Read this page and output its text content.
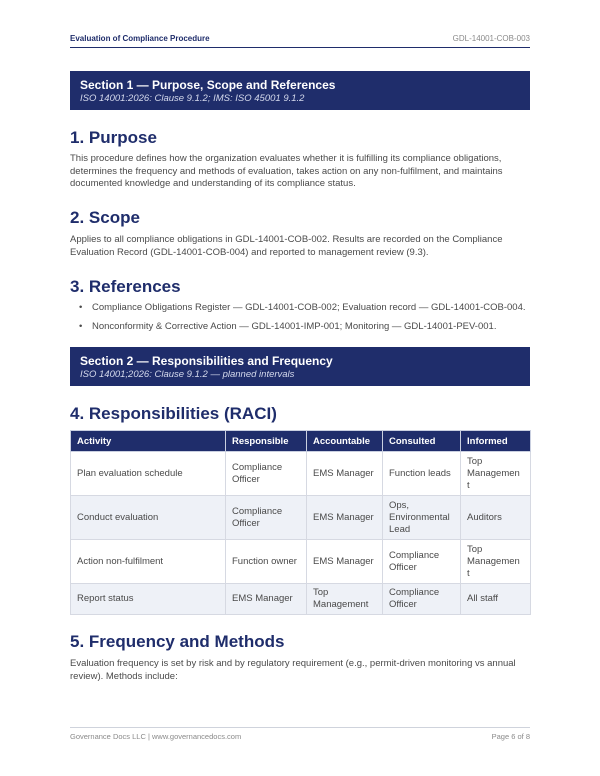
Evaluation of Compliance Procedure	GDL-14001-COB-003
Section 1 — Purpose, Scope and References
ISO 14001:2026: Clause 9.1.2; IMS: ISO 45001 9.1.2
1. Purpose

This procedure defines how the organization evaluates whether it is fulfilling its compliance obligations, determines the frequency and methods of evaluation, takes action on any non-fulfilment, and maintains documented knowledge and understanding of its compliance status.

2. Scope

Applies to all compliance obligations in GDL-14001-COB-002. Results are recorded on the Compliance Evaluation Record (GDL-14001-COB-004) and reported to management review (9.3).

3. References
• Compliance Obligations Register — GDL-14001-COB-002; Evaluation record — GDL-14001-COB-004.
• Nonconformity & Corrective Action — GDL-14001-IMP-001; Monitoring — GDL-14001-PEV-001.
Section 2 — Responsibilities and Frequency
ISO 14001;2026: Clause 9.1.2 — planned intervals
4. Responsibilities (RACI)
Activity	Responsible	Accountable	Consulted	Informed
Plan evaluation schedule	Compliance Officer	EMS Manager	Function leads	Top Managemen t
Conduct evaluation	Compliance Officer	EMS Manager	Ops, Environmental Lead	Auditors
Action non-fulfilment	Function owner	EMS Manager	Compliance Officer	Top Managemen t
Report status	EMS Manager	Top Management	Compliance Officer	All staff
5. Frequency and Methods

Evaluation frequency is set by risk and by regulatory requirement (e.g., permit-driven monitoring vs annual review). Methods include:

Governance Docs LLC | www.governancedocs.com	Page 6 of 8
